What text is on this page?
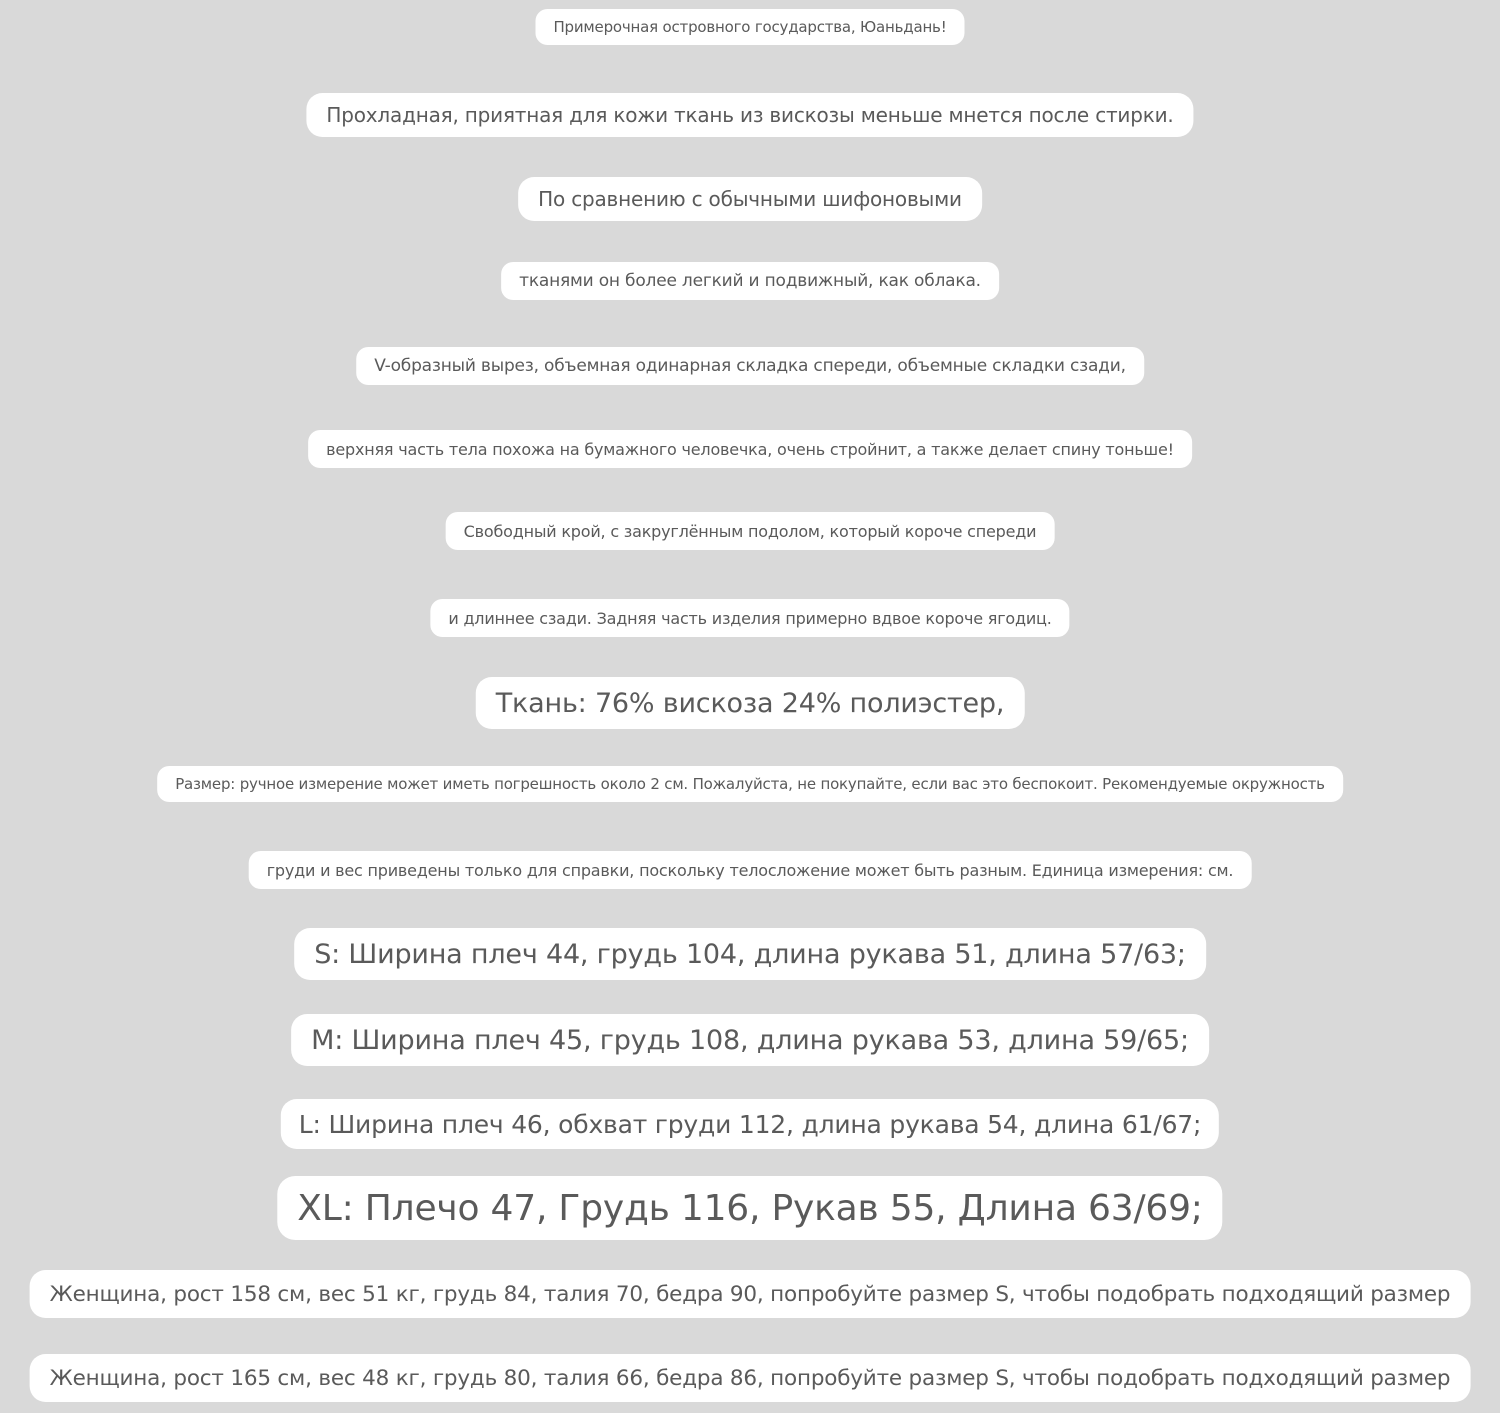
Примерочная островного государства, Юаньдань!
Прохладная, приятная для кожи ткань из вискозы меньше мнется после стирки.
По сравнению с обычными шифоновыми
тканями он более легкий и подвижный, как облака.
V-образный вырез, объемная одинарная складка спереди, объемные складки сзади,
верхняя часть тела похожа на бумажного человечка, очень стройнит, а также делает спину тоньше!
Свободный крой, с закруглённым подолом, который короче спереди
и длиннее сзади. Задняя часть изделия примерно вдвое короче ягодиц.
Ткань: 76% вискоза 24% полиэстер,
Размер: ручное измерение может иметь погрешность около 2 см. Пожалуйста, не покупайте, если вас это беспокоит. Рекомендуемые окружность
груди и вес приведены только для справки, поскольку телосложение может быть разным. Единица измерения: см.
S: Ширина плеч 44, грудь 104, длина рукава 51, длина 57/63;
M: Ширина плеч 45, грудь 108, длина рукава 53, длина 59/65;
L: Ширина плеч 46, обхват груди 112, длина рукава 54, длина 61/67;
XL: Плечо 47, Грудь 116, Рукав 55, Длина 63/69;
Женщина, рост 158 см, вес 51 кг, грудь 84, талия 70, бедра 90, попробуйте размер S, чтобы подобрать подходящий размер
Женщина, рост 165 см, вес 48 кг, грудь 80, талия 66, бедра 86, попробуйте размер S, чтобы подобрать подходящий размер
